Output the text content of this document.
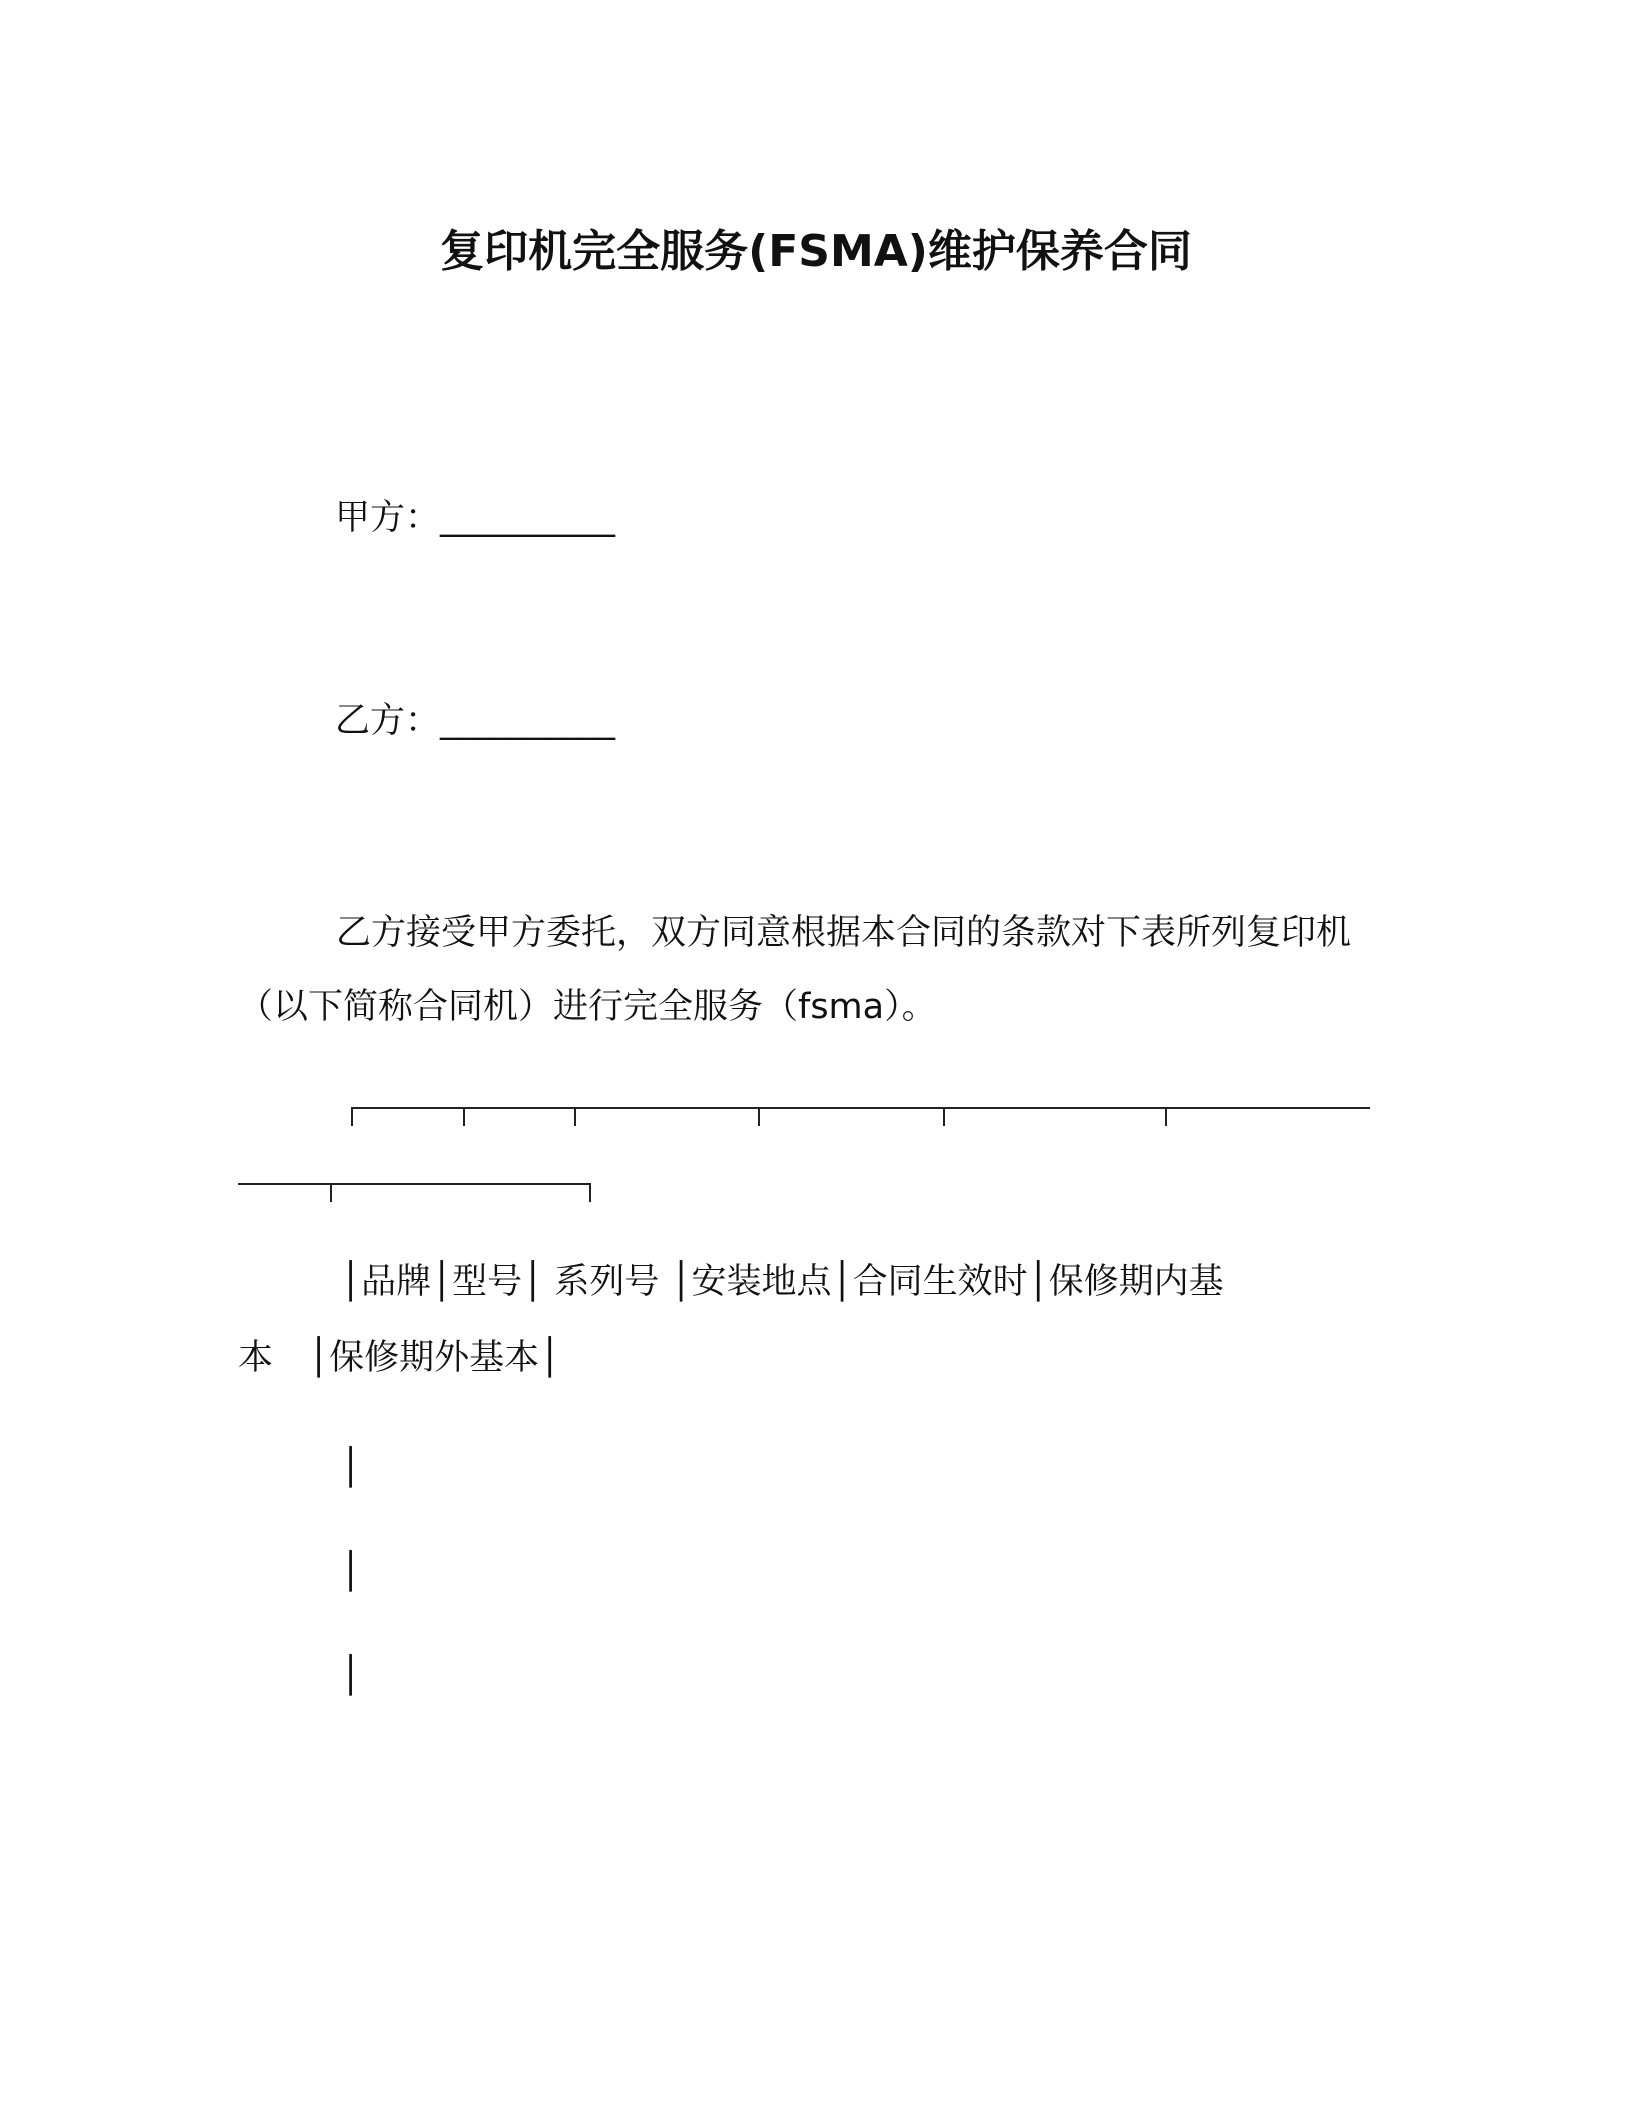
复印机完全服务(FSMA)维护保养合同
甲方：__________
乙方：__________

乙方接受甲方委托，双方同意根据本合同的条款对下表所列复印机（以下简称合同机）进行完全服务（fsma）。

│品牌│型号│ 系列号 │安装地点│合同生效时│保修期内基
本　│保修期外基本│
│
│
│
